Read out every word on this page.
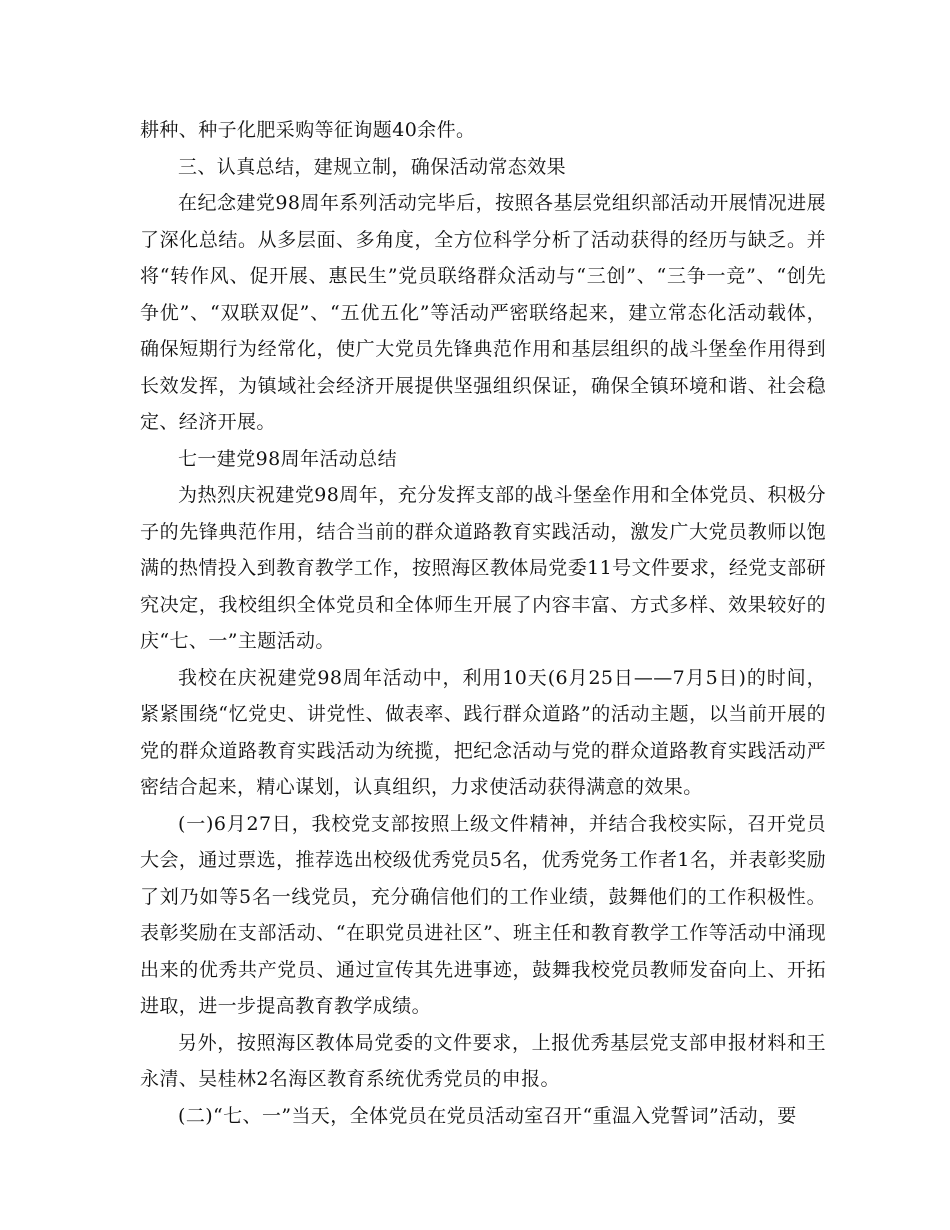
耕种、种子化肥采购等征询题40余件。

三、认真总结，建规立制，确保活动常态效果

在纪念建党98周年系列活动完毕后，按照各基层党组织部活动开展情况进展了深化总结。从多层面、多角度，全方位科学分析了活动获得的经历与缺乏。并将“转作风、促开展、惠民生”党员联络群众活动与“三创”、“三争一竞”、“创先争优”、“双联双促”、“五优五化”等活动严密联络起来，建立常态化活动载体，确保短期行为经常化，使广大党员先锋典范作用和基层组织的战斗堡垒作用得到长效发挥，为镇域社会经济开展提供坚强组织保证，确保全镇环境和谐、社会稳定、经济开展。

七一建党98周年活动总结

为热烈庆祝建党98周年，充分发挥支部的战斗堡垒作用和全体党员、积极分子的先锋典范作用，结合当前的群众道路教育实践活动，激发广大党员教师以饱满的热情投入到教育教学工作，按照海区教体局党委11号文件要求，经党支部研究决定，我校组织全体党员和全体师生开展了内容丰富、方式多样、效果较好的庆“七、一”主题活动。

我校在庆祝建党98周年活动中，利用10天(6月25日——7月5日)的时间，紧紧围绕“忆党史、讲党性、做表率、践行群众道路”的活动主题，以当前开展的党的群众道路教育实践活动为统揽，把纪念活动与党的群众道路教育实践活动严密结合起来，精心谋划，认真组织，力求使活动获得满意的效果。

(一)6月27日，我校党支部按照上级文件精神，并结合我校实际，召开党员大会，通过票选，推荐选出校级优秀党员5名，优秀党务工作者1名，并表彰奖励了刘乃如等5名一线党员，充分确信他们的工作业绩，鼓舞他们的工作积极性。表彰奖励在支部活动、“在职党员进社区”、班主任和教育教学工作等活动中涌现出来的优秀共产党员、通过宣传其先进事迹，鼓舞我校党员教师发奋向上、开拓进取，进一步提高教育教学成绩。

另外，按照海区教体局党委的文件要求，上报优秀基层党支部申报材料和王永清、吴桂林2名海区教育系统优秀党员的申报。

(二)“七、一”当天，全体党员在党员活动室召开“重温入党誓词”活动，要
